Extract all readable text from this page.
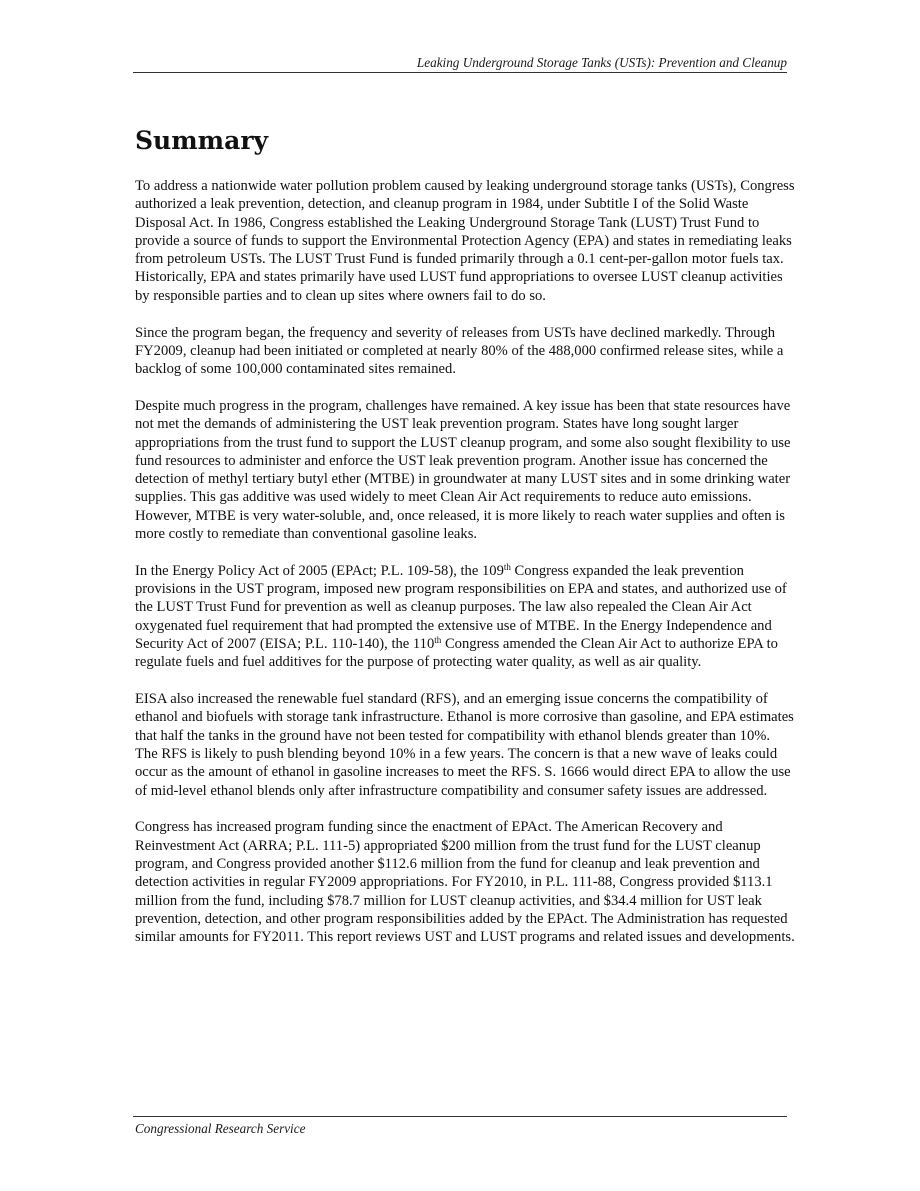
Leaking Underground Storage Tanks (USTs): Prevention and Cleanup
Summary

To address a nationwide water pollution problem caused by leaking underground storage tanks (USTs), Congress authorized a leak prevention, detection, and cleanup program in 1984, under Subtitle I of the Solid Waste Disposal Act. In 1986, Congress established the Leaking Underground Storage Tank (LUST) Trust Fund to provide a source of funds to support the Environmental Protection Agency (EPA) and states in remediating leaks from petroleum USTs. The LUST Trust Fund is funded primarily through a 0.1 cent-per-gallon motor fuels tax. Historically, EPA and states primarily have used LUST fund appropriations to oversee LUST cleanup activities by responsible parties and to clean up sites where owners fail to do so.

Since the program began, the frequency and severity of releases from USTs have declined markedly. Through FY2009, cleanup had been initiated or completed at nearly 80% of the 488,000 confirmed release sites, while a backlog of some 100,000 contaminated sites remained.

Despite much progress in the program, challenges have remained. A key issue has been that state resources have not met the demands of administering the UST leak prevention program. States have long sought larger appropriations from the trust fund to support the LUST cleanup program, and some also sought flexibility to use fund resources to administer and enforce the UST leak prevention program. Another issue has concerned the detection of methyl tertiary butyl ether (MTBE) in groundwater at many LUST sites and in some drinking water supplies. This gas additive was used widely to meet Clean Air Act requirements to reduce auto emissions. However, MTBE is very water-soluble, and, once released, it is more likely to reach water supplies and often is more costly to remediate than conventional gasoline leaks.

In the Energy Policy Act of 2005 (EPAct; P.L. 109-58), the 109th Congress expanded the leak prevention provisions in the UST program, imposed new program responsibilities on EPA and states, and authorized use of the LUST Trust Fund for prevention as well as cleanup purposes. The law also repealed the Clean Air Act oxygenated fuel requirement that had prompted the extensive use of MTBE. In the Energy Independence and Security Act of 2007 (EISA; P.L. 110-140), the 110th Congress amended the Clean Air Act to authorize EPA to regulate fuels and fuel additives for the purpose of protecting water quality, as well as air quality.

EISA also increased the renewable fuel standard (RFS), and an emerging issue concerns the compatibility of ethanol and biofuels with storage tank infrastructure. Ethanol is more corrosive than gasoline, and EPA estimates that half the tanks in the ground have not been tested for compatibility with ethanol blends greater than 10%. The RFS is likely to push blending beyond 10% in a few years. The concern is that a new wave of leaks could occur as the amount of ethanol in gasoline increases to meet the RFS. S. 1666 would direct EPA to allow the use of mid-level ethanol blends only after infrastructure compatibility and consumer safety issues are addressed.

Congress has increased program funding since the enactment of EPAct. The American Recovery and Reinvestment Act (ARRA; P.L. 111-5) appropriated $200 million from the trust fund for the LUST cleanup program, and Congress provided another $112.6 million from the fund for cleanup and leak prevention and detection activities in regular FY2009 appropriations. For FY2010, in P.L. 111-88, Congress provided $113.1 million from the fund, including $78.7 million for LUST cleanup activities, and $34.4 million for UST leak prevention, detection, and other program responsibilities added by the EPAct. The Administration has requested similar amounts for FY2011. This report reviews UST and LUST programs and related issues and developments.

Congressional Research Service
